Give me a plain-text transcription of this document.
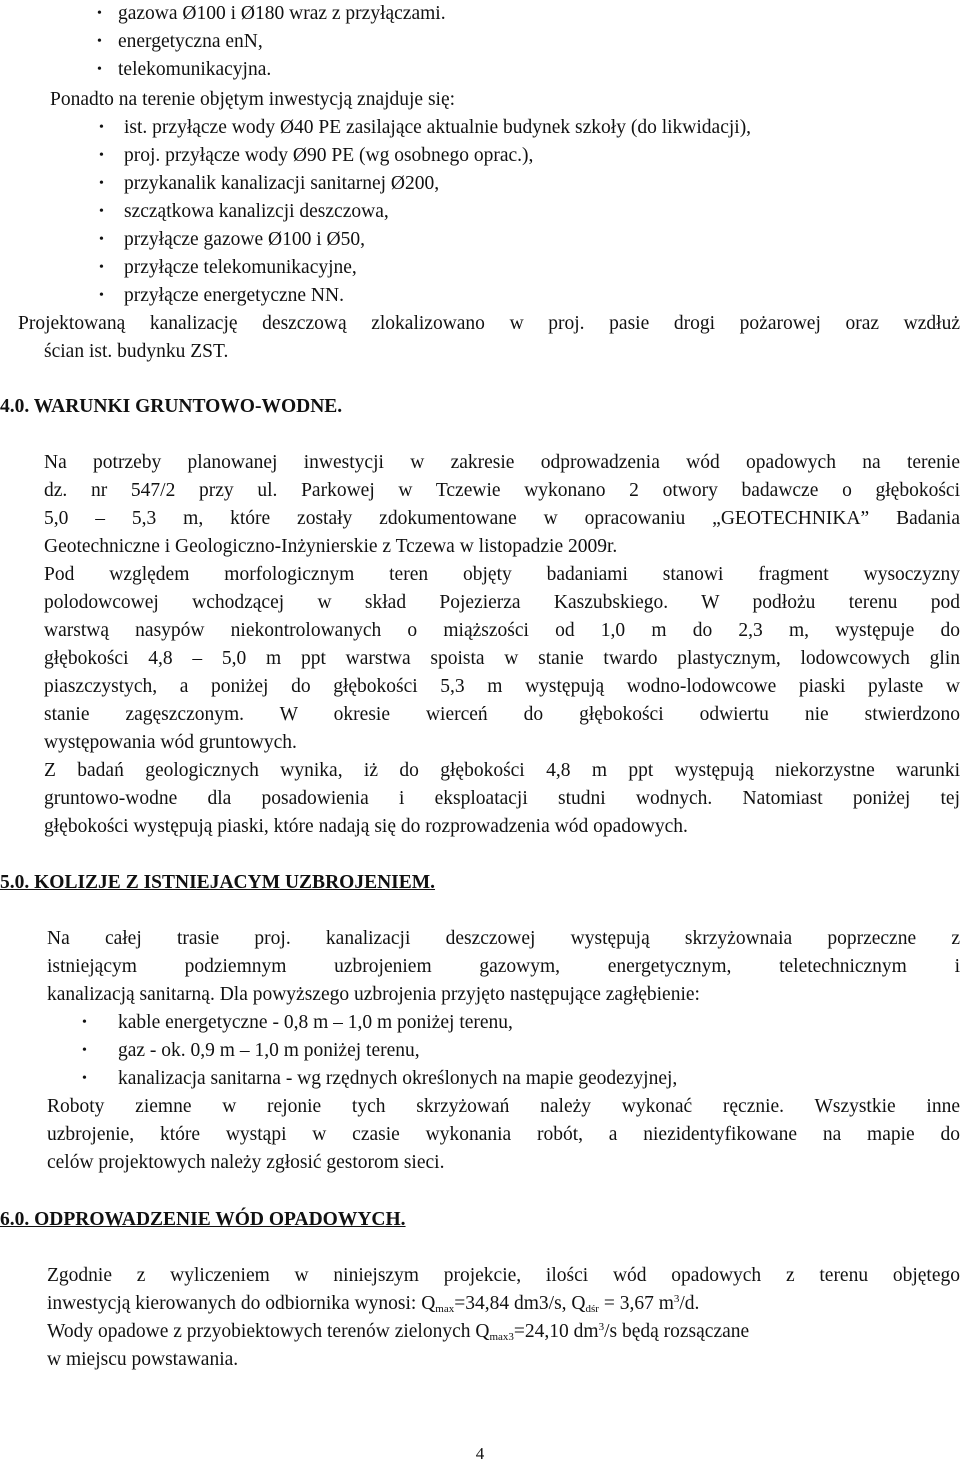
• gazowa Ø100 i Ø180 wraz z przyłączami.
• energetyczna enN,
• telekomunikacyjna.
Ponadto na terenie objętym inwestycją znajduje się:
• ist. przyłącze wody Ø40 PE zasilające aktualnie budynek szkoły (do likwidacji),
• proj. przyłącze wody Ø90 PE (wg osobnego oprac.),
• przykanalik kanalizacji sanitarnej Ø200,
• szczątkowa kanalizcji deszczowa,
• przyłącze gazowe Ø100 i Ø50,
• przyłącze telekomunikacyjne,
• przyłącze energetyczne NN.
Projektowaną kanalizację deszczową zlokalizowano w proj. pasie drogi pożarowej oraz wzdłuż
ścian ist. budynku ZST.
4.0. WARUNKI GRUNTOWO-WODNE.
Na potrzeby planowanej inwestycji w zakresie odprowadzenia wód opadowych na terenie
dz. nr 547/2 przy ul. Parkowej w Tczewie wykonano 2 otwory badawcze o głębokości
5,0 – 5,3 m, które zostały zdokumentowane w opracowaniu „GEOTECHNIKA” Badania
Geotechniczne i Geologiczno-Inżynierskie z Tczewa w listopadzie 2009r.
Pod względem morfologicznym teren objęty badaniami stanowi fragment wysoczyzny
polodowcowej wchodzącej w skład Pojezierza Kaszubskiego. W podłożu terenu pod
warstwą nasypów niekontrolowanych o miąższości od 1,0 m do 2,3 m, występuje do
głębokości 4,8 – 5,0 m ppt warstwa spoista w stanie twardo plastycznym, lodowcowych glin
piaszczystych, a poniżej do głębokości 5,3 m występują wodno-lodowcowe piaski pylaste w
stanie zagęszczonym. W okresie wierceń do głębokości odwiertu nie stwierdzono
występowania wód gruntowych.
Z badań geologicznych wynika, iż do głębokości 4,8 m ppt występują niekorzystne warunki
gruntowo-wodne dla posadowienia i eksploatacji studni wodnych. Natomiast poniżej tej
głębokości występują piaski, które nadają się do rozprowadzenia wód opadowych.
5.0. KOLIZJE Z ISTNIEJACYM UZBROJENIEM.
Na całej trasie proj. kanalizacji deszczowej występują skrzyżownaia poprzeczne z
istniejącym podziemnym uzbrojeniem gazowym, energetycznym, teletechnicznym i
kanalizacją sanitarną. Dla powyższego uzbrojenia przyjęto następujące zagłębienie:
• kable energetyczne - 0,8 m – 1,0 m poniżej terenu,
• gaz - ok. 0,9 m – 1,0 m poniżej terenu,
• kanalizacja sanitarna - wg rzędnych określonych na mapie geodezyjnej,
Roboty ziemne w rejonie tych skrzyżowań należy wykonać ręcznie. Wszystkie inne
uzbrojenie, które wystąpi w czasie wykonania robót, a niezidentyfikowane na mapie do
celów projektowych należy zgłosić gestorom sieci.
6.0. ODPROWADZENIE WÓD OPADOWYCH.
Zgodnie z wyliczeniem w niniejszym projekcie, ilości wód opadowych z terenu objętego
inwestycją kierowanych do odbiornika wynosi: $Q_{max}=34,84$ dm3/s, $Q_{dśr} = 3,67$ $m^3/d$.
Wody opadowe z przyobiektowych terenów zielonych $Q_{max3}=24,10$ $dm^3/s$ będą rozsączane
w miejscu powstawania.
4
